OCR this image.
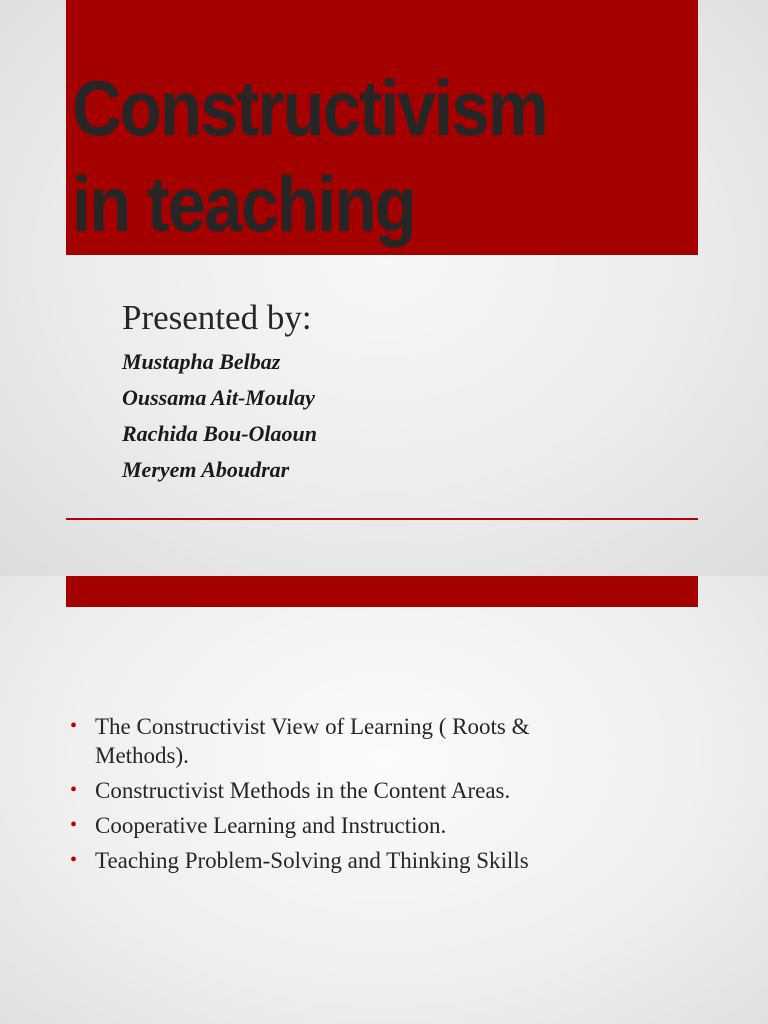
Constructivism
in teaching

Presented by:

Mustapha Belbaz
Oussama Ait-Moulay
Rachida Bou-Olaoun
Meryem Aboudrar
• The Constructivist View of Learning ( Roots & Methods).
• Constructivist Methods in the Content Areas.
• Cooperative Learning and Instruction.
• Teaching Problem-Solving and Thinking Skills
